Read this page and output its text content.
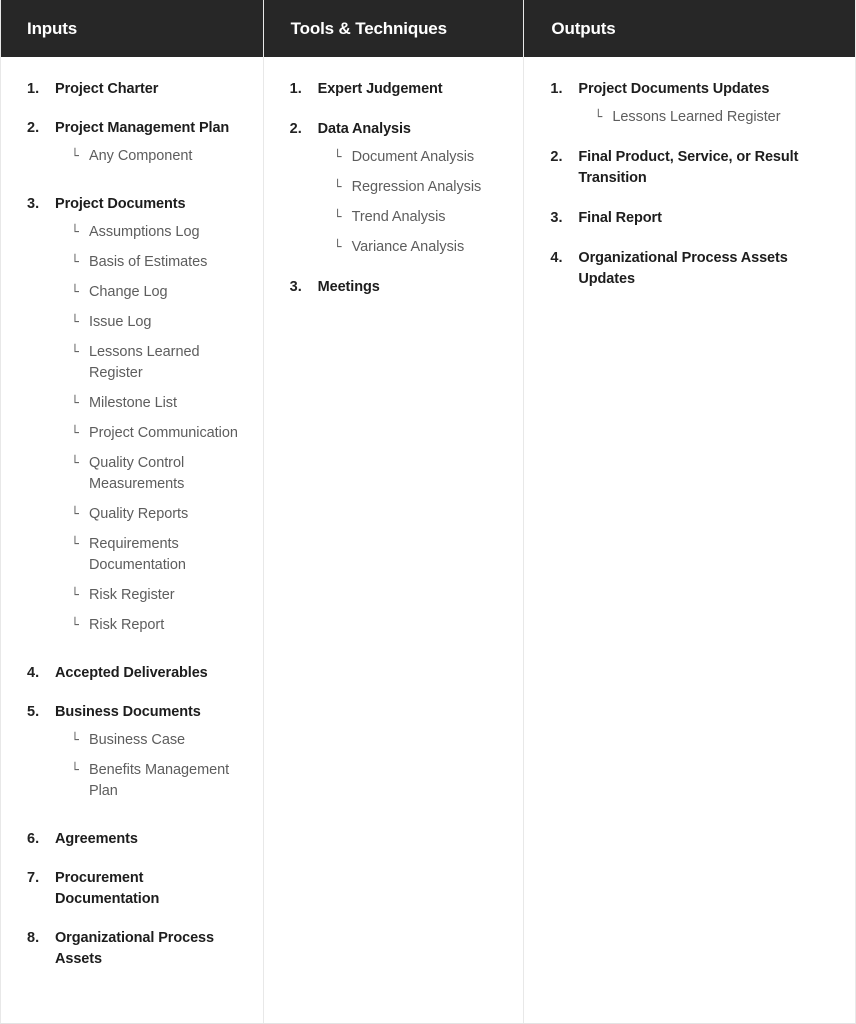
Inputs
1. Project Charter
2. Project Management Plan
└ Any Component
3. Project Documents
└ Assumptions Log
└ Basis of Estimates
└ Change Log
└ Issue Log
└ Lessons Learned Register
└ Milestone List
└ Project Communication
└ Quality Control Measurements
└ Quality Reports
└ Requirements Documentation
└ Risk Register
└ Risk Report
4. Accepted Deliverables
5. Business Documents
└ Business Case
└ Benefits Management Plan
6. Agreements
7. Procurement Documentation
8. Organizational Process Assets
Tools & Techniques
1. Expert Judgement
2. Data Analysis
└ Document Analysis
└ Regression Analysis
└ Trend Analysis
└ Variance Analysis
3. Meetings
Outputs
1. Project Documents Updates
└ Lessons Learned Register
2. Final Product, Service, or Result Transition
3. Final Report
4. Organizational Process Assets Updates
